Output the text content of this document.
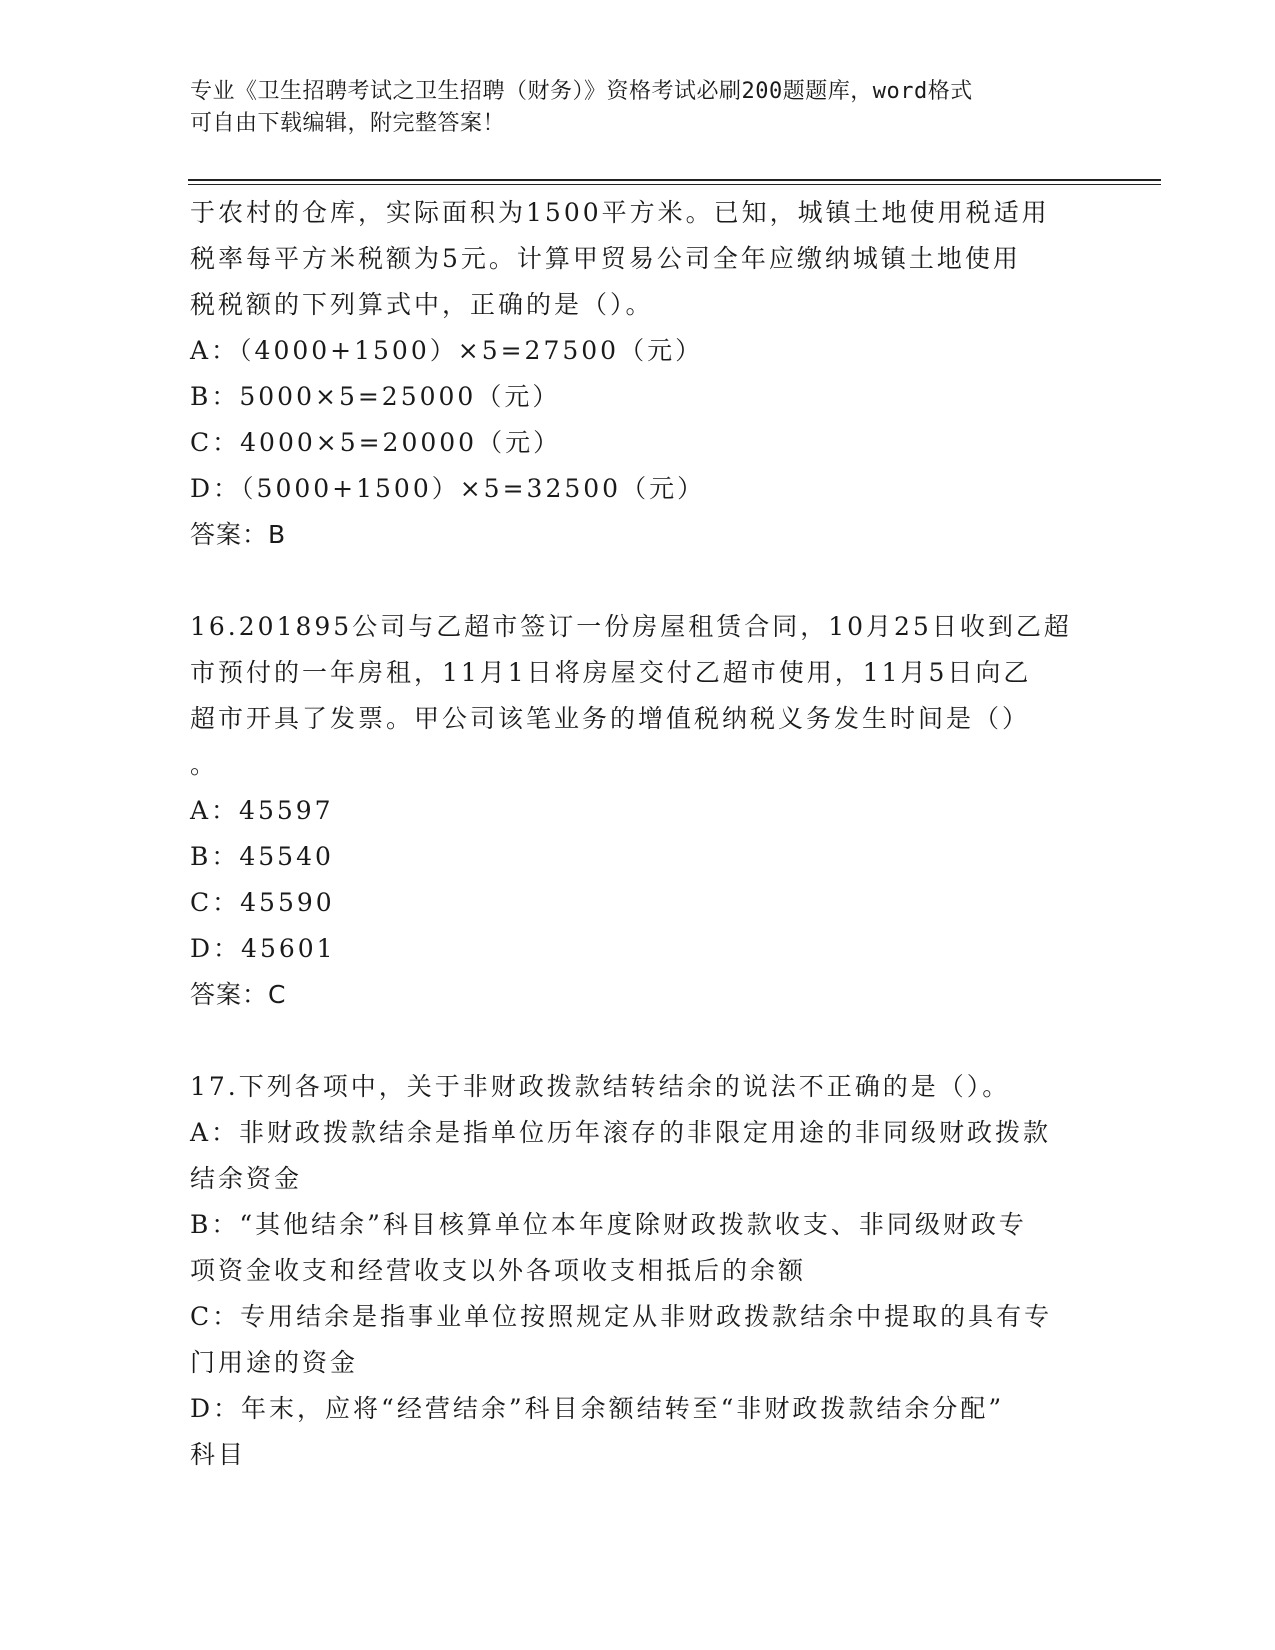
专业《卫生招聘考试之卫生招聘（财务）》资格考试必刷200题题库，word格式
可自由下载编辑，附完整答案！

于农村的仓库，实际面积为1500平方米。已知，城镇土地使用税适用

税率每平方米税额为5元。计算甲贸易公司全年应缴纳城镇土地使用

税税额的下列算式中，正确的是（）。

A：（4000+1500）×5=27500（元）

B：5000×5=25000（元）

C：4000×5=20000（元）

D：（5000+1500）×5=32500（元）

答案：B

16.201895公司与乙超市签订一份房屋租赁合同，10月25日收到乙超

市预付的一年房租，11月1日将房屋交付乙超市使用，11月5日向乙

超市开具了发票。甲公司该笔业务的增值税纳税义务发生时间是（）

。

A：45597

B：45540

C：45590

D：45601

答案：C

17.下列各项中，关于非财政拨款结转结余的说法不正确的是（）。

A：非财政拨款结余是指单位历年滚存的非限定用途的非同级财政拨款

结余资金

B：“其他结余”科目核算单位本年度除财政拨款收支、非同级财政专

项资金收支和经营收支以外各项收支相抵后的余额

C：专用结余是指事业单位按照规定从非财政拨款结余中提取的具有专

门用途的资金

D：年末，应将“经营结余”科目余额结转至“非财政拨款结余分配”

科目
